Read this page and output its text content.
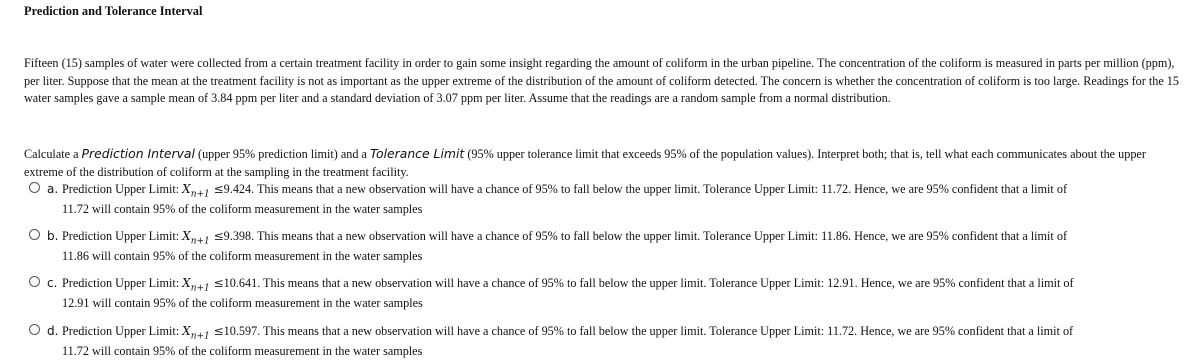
Prediction and Tolerance Interval

Fifteen (15) samples of water were collected from a certain treatment facility in order to gain some insight regarding the amount of coliform in the urban pipeline. The concentration of the coliform is measured in parts per million (ppm), per liter. Suppose that the mean at the treatment facility is not as important as the upper extreme of the distribution of the amount of coliform detected. The concern is whether the concentration of coliform is too large. Readings for the 15 water samples gave a sample mean of 3.84 ppm per liter and a standard deviation of 3.07 ppm per liter. Assume that the readings are a random sample from a normal distribution.

Calculate a Prediction Interval (upper 95% prediction limit) and a Tolerance Limit (95% upper tolerance limit that exceeds 95% of the population values). Interpret both; that is, tell what each communicates about the upper extreme of the distribution of coliform at the sampling in the treatment facility.

a. Prediction Upper Limit: $X_{n+1} \le 9.424$. This means that a new observation will have a chance of 95% to fall below the upper limit. Tolerance Upper Limit: 11.72. Hence, we are 95% confident that a limit of
11.72 will contain 95% of the coliform measurement in the water samples
b. Prediction Upper Limit: $X_{n+1} \le 9.398$. This means that a new observation will have a chance of 95% to fall below the upper limit. Tolerance Upper Limit: 11.86. Hence, we are 95% confident that a limit of
11.86 will contain 95% of the coliform measurement in the water samples
c. Prediction Upper Limit: $X_{n+1} \le 10.641$. This means that a new observation will have a chance of 95% to fall below the upper limit. Tolerance Upper Limit: 12.91. Hence, we are 95% confident that a limit of
12.91 will contain 95% of the coliform measurement in the water samples
d. Prediction Upper Limit: $X_{n+1} \le 10.597$. This means that a new observation will have a chance of 95% to fall below the upper limit. Tolerance Upper Limit: 11.72. Hence, we are 95% confident that a limit of
11.72 will contain 95% of the coliform measurement in the water samples
